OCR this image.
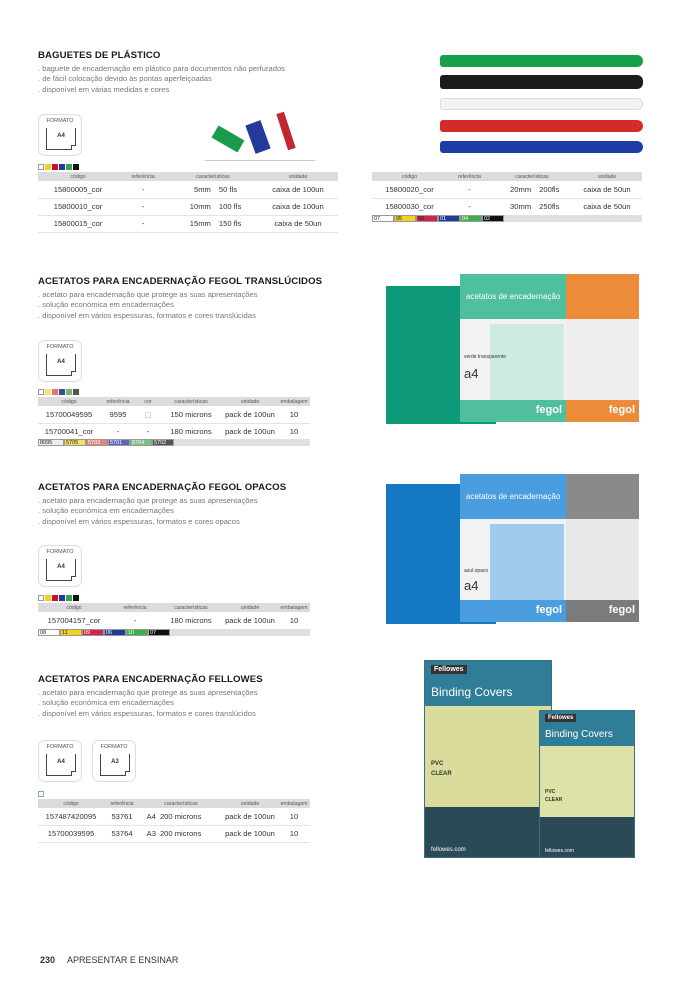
BAGUETES DE PLÁSTICO
. baguete de encadernação em plástico para documentos não perfurados
. de fácil colocação devido às pontas aperfeiçoadas
. disponível em várias medidas e cores
FORMATO
A4
código	referência	características		unidade
15800005_cor	-	5mm	50 fls	caixa de 100un
15800010_cor	-	10mm	100 fls	caixa de 100un
15800015_cor	-	15mm	150 fls	caixa de 50un
código	referência	características		unidade
15800020_cor	-	20mm	200fls	caixa de 50un
15800030_cor	-	30mm	250fls	caixa de 50un
07	95	03	01	04	02
ACETATOS PARA ENCADERNAÇÃO FEGOL TRANSLÚCIDOS
. acetato para encadernação que protege as suas apresentações
. solução económica em encadernações
. disponível em vários espessuras, formatos e cores translúcidas
FORMATO
A4
código	referência	cor	características	unidade	embalagem
15700049595	9595	▢	150 microns	pack de 100un	10
15700041_cor	-	-	180 microns	pack de 100un	10
8095	5705	5703	5701	5704	5702
fegol
acetatos de encadernação
verde transparente
a4
fegol
ACETATOS PARA ENCADERNAÇÃO FEGOL OPACOS
. acetato para encadernação que protege as suas apresentações
. solução económica em encadernações
. disponível em vários espessuras, formatos e cores opacos
FORMATO
A4
código	referência	características	unidade	embalagem
157004157_cor	-	180 microns	pack de 100un	10
08	11	09	06	10	07
fegol
acetatos de encadernação
azul opaco
a4
fegol
ACETATOS PARA ENCADERNAÇÃO FELLOWES
. acetato para encadernação que protege as suas apresentações
. solução económica em encadernações
. disponível em vários espessuras, formatos e cores translúcidos
FORMATO
A4
FORMATO
A3
código	referência	características		unidade	embalagem
157487420095	53761	A4	200 microns	pack de 100un	10
15700039595	53764	A3	200 microns	pack de 100un	10
Fellowes
Binding Covers
PVC
CLEAR
fellowes.com
Fellowes
Binding Covers
PVC
CLEAR
fellowes.com
230 APRESENTAR E ENSINAR
